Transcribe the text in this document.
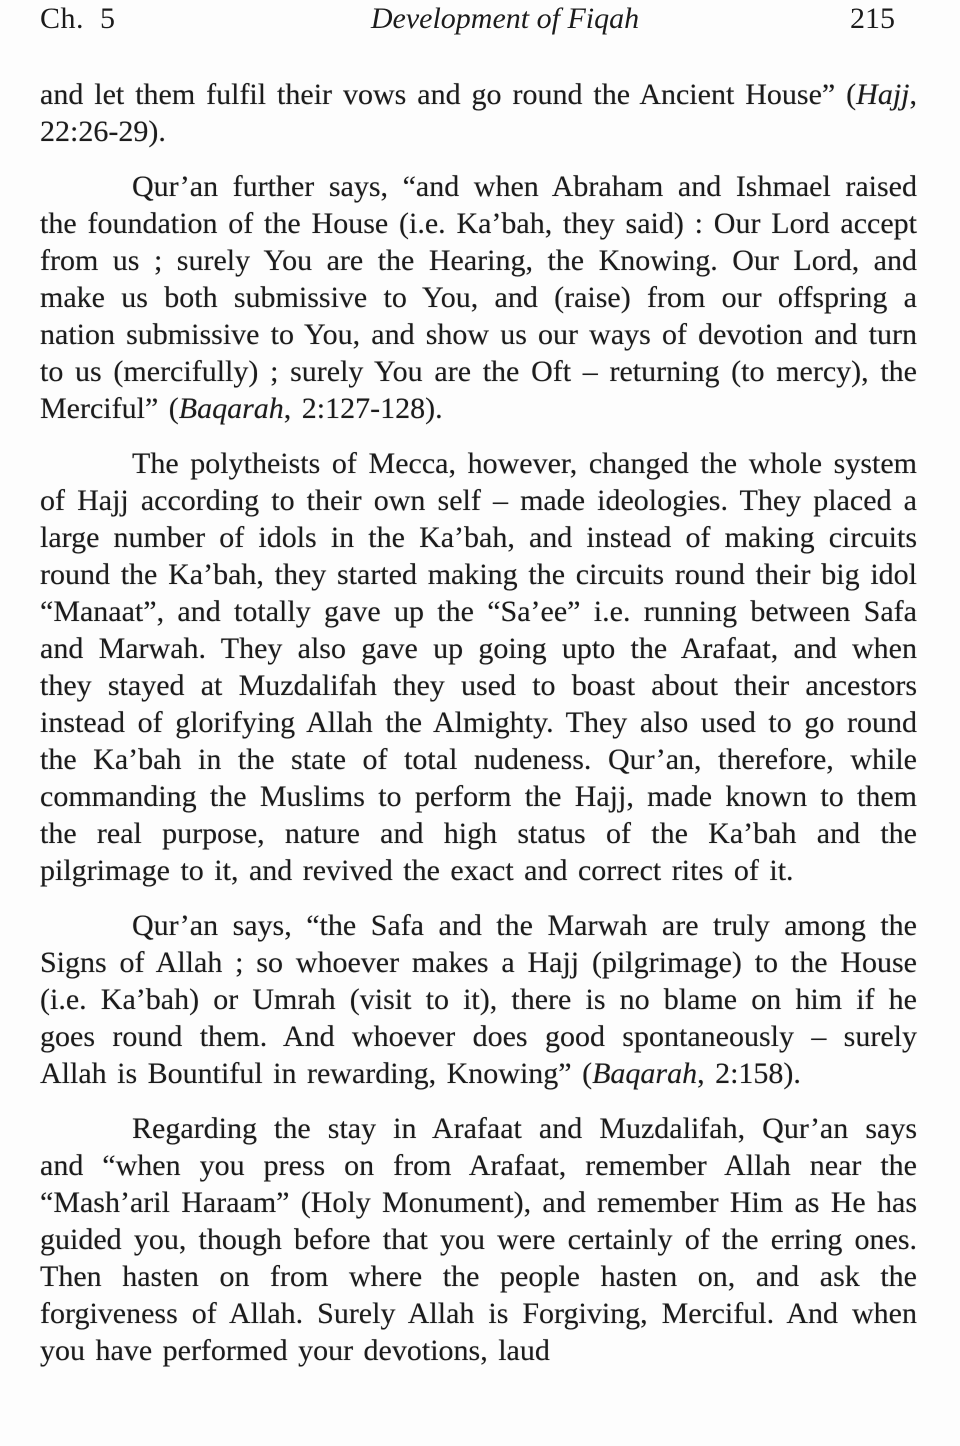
Ch.  5	Development of Fiqah	215

and let them fulfil their vows and go round the Ancient House” (Hajj, 22:26-29).

Qur’an further says, “and when Abraham and Ishmael raised the foundation of the House (i.e. Ka’bah, they said) : Our Lord accept from us ; surely You are the Hearing, the Knowing. Our Lord, and make us both submissive to You, and (raise) from our offspring a nation submissive to You, and show us our ways of devotion and turn to us (mercifully) ; surely You are the Oft – returning (to mercy), the Merciful” (Baqarah, 2:127-128).

The polytheists of Mecca, however, changed the whole system of Hajj according to their own self – made ideologies. They placed a large number of idols in the Ka’bah, and instead of making circuits round the Ka’bah, they started making the circuits round their big idol “Manaat”, and totally gave up the “Sa’ee” i.e. running between Safa and Marwah. They also gave up going upto the Arafaat, and when they stayed at Muzdalifah they used to boast about their ancestors instead of glorifying Allah the Almighty. They also used to go round the Ka’bah in the state of total nudeness. Qur’an, therefore, while commanding the Muslims to perform the Hajj, made known to them the real purpose, nature and high status of the Ka’bah and the pilgrimage to it, and revived the exact and correct rites of it.

Qur’an says, “the Safa and the Marwah are truly among the Signs of Allah ; so whoever makes a Hajj (pilgrimage) to the House (i.e. Ka’bah) or Umrah (visit to it), there is no blame on him if he goes round them. And whoever does good spontaneously – surely Allah is Bountiful in rewarding, Knowing” (Baqarah, 2:158).

Regarding the stay in Arafaat and Muzdalifah, Qur’an says and “when you press on from Arafaat, remember Allah near the “Mash’aril Haraam” (Holy Monument), and remember Him as He has guided you, though before that you were certainly of the erring ones. Then hasten on from where the people hasten on, and ask the forgiveness of Allah. Surely Allah is Forgiving, Merciful. And when you have performed your devotions, laud
